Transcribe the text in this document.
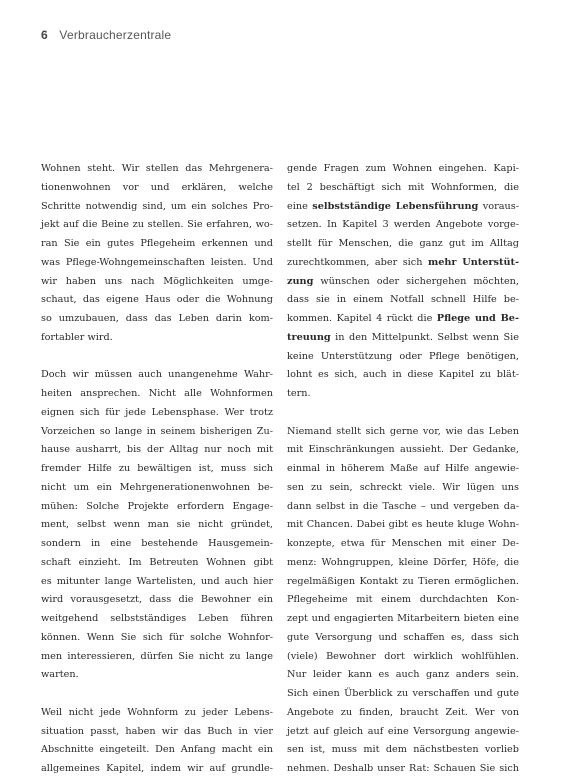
6 Verbraucherzentrale

Wohnen steht. Wir stellen das Mehrgenera-
tionenwohnen vor und erklären, welche
Schritte notwendig sind, um ein solches Pro-
jekt auf die Beine zu stellen. Sie erfahren, wo-
ran Sie ein gutes Pflegeheim erkennen und
was Pflege-Wohngemeinschaften leisten. Und
wir haben uns nach Möglichkeiten umge-
schaut, das eigene Haus oder die Wohnung
so umzubauen, dass das Leben darin kom-
fortabler wird.

Doch wir müssen auch unangenehme Wahr-
heiten ansprechen. Nicht alle Wohnformen
eignen sich für jede Lebensphase. Wer trotz
Vorzeichen so lange in seinem bisherigen Zu-
hause ausharrt, bis der Alltag nur noch mit
fremder Hilfe zu bewältigen ist, muss sich
nicht um ein Mehrgenerationenwohnen be-
mühen: Solche Projekte erfordern Engage-
ment, selbst wenn man sie nicht gründet,
sondern in eine bestehende Hausgemein-
schaft einzieht. Im Betreuten Wohnen gibt
es mitunter lange Wartelisten, und auch hier
wird vorausgesetzt, dass die Bewohner ein
weitgehend selbstständiges Leben führen
können. Wenn Sie sich für solche Wohnfor-
men interessieren, dürfen Sie nicht zu lange
warten.

Weil nicht jede Wohnform zu jeder Lebens-
situation passt, haben wir das Buch in vier
Abschnitte eingeteilt. Den Anfang macht ein
allgemeines Kapitel, indem wir auf grundle-

gende Fragen zum Wohnen eingehen. Kapi-
tel 2 beschäftigt sich mit Wohnformen, die
eine selbstständige Lebensführung voraus-
setzen. In Kapitel 3 werden Angebote vorge-
stellt für Menschen, die ganz gut im Alltag
zurechtkommen, aber sich mehr Unterstüt-
zung wünschen oder sichergehen möchten,
dass sie in einem Notfall schnell Hilfe be-
kommen. Kapitel 4 rückt die Pflege und Be-
treuung in den Mittelpunkt. Selbst wenn Sie
keine Unterstützung oder Pflege benötigen,
lohnt es sich, auch in diese Kapitel zu blät-
tern.

Niemand stellt sich gerne vor, wie das Leben
mit Einschränkungen aussieht. Der Gedanke,
einmal in höherem Maße auf Hilfe angewie-
sen zu sein, schreckt viele. Wir lügen uns
dann selbst in die Tasche – und vergeben da-
mit Chancen. Dabei gibt es heute kluge Wohn-
konzepte, etwa für Menschen mit einer De-
menz: Wohngruppen, kleine Dörfer, Höfe, die
regelmäßigen Kontakt zu Tieren ermöglichen.
Pflegeheime mit einem durchdachten Kon-
zept und engagierten Mitarbeitern bieten eine
gute Versorgung und schaffen es, dass sich
(viele) Bewohner dort wirklich wohlfühlen.
Nur leider kann es auch ganz anders sein.
Sich einen Überblick zu verschaffen und gute
Angebote zu finden, braucht Zeit. Wer von
jetzt auf gleich auf eine Versorgung angewie-
sen ist, muss mit dem nächstbesten vorlieb
nehmen. Deshalb unser Rat: Schauen Sie sich
